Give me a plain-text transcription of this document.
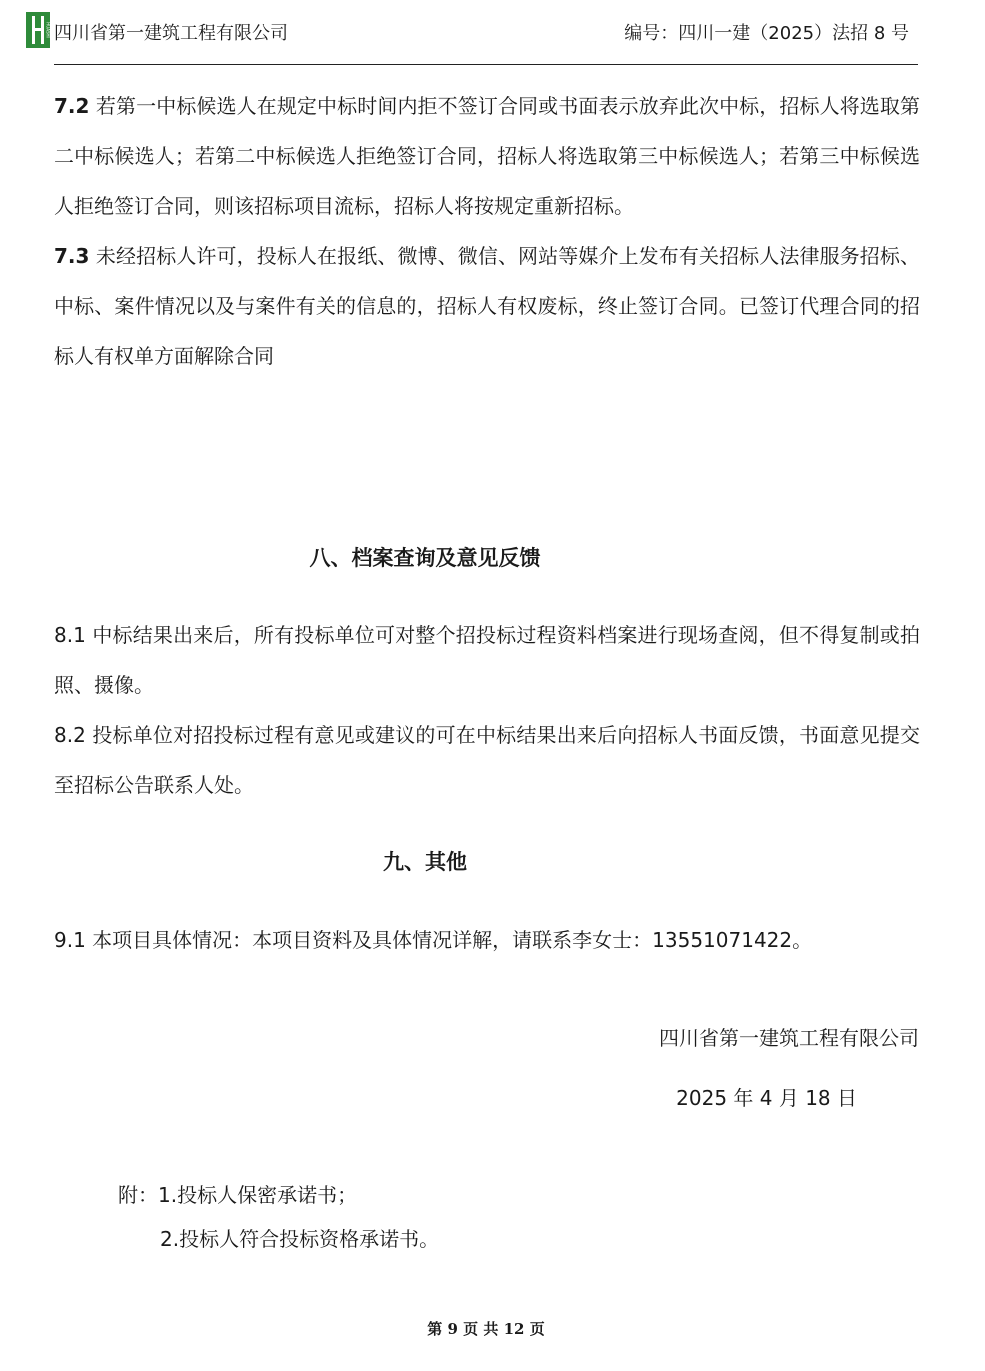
HUASHI 四川省第一建筑工程有限公司	编号：四川一建（2025）法招 8 号
7.2 若第一中标候选人在规定中标时间内拒不签订合同或书面表示放弃此次中标，招标人将选取第二中标候选人；若第二中标候选人拒绝签订合同，招标人将选取第三中标候选人；若第三中标候选人拒绝签订合同，则该招标项目流标，招标人将按规定重新招标。
7.3 未经招标人许可，投标人在报纸、微博、微信、网站等媒介上发布有关招标人法律服务招标、中标、案件情况以及与案件有关的信息的，招标人有权废标，终止签订合同。已签订代理合同的招标人有权单方面解除合同
八、档案查询及意见反馈
8.1 中标结果出来后，所有投标单位可对整个招投标过程资料档案进行现场查阅，但不得复制或拍照、摄像。
8.2 投标单位对招投标过程有意见或建议的可在中标结果出来后向招标人书面反馈，书面意见提交至招标公告联系人处。
九、其他
9.1 本项目具体情况：本项目资料及具体情况详解，请联系李女士：13551071422。
四川省第一建筑工程有限公司
2025 年 4 月 18 日
附：1.投标人保密承诺书；
2.投标人符合投标资格承诺书。
第 9 页 共 12 页
